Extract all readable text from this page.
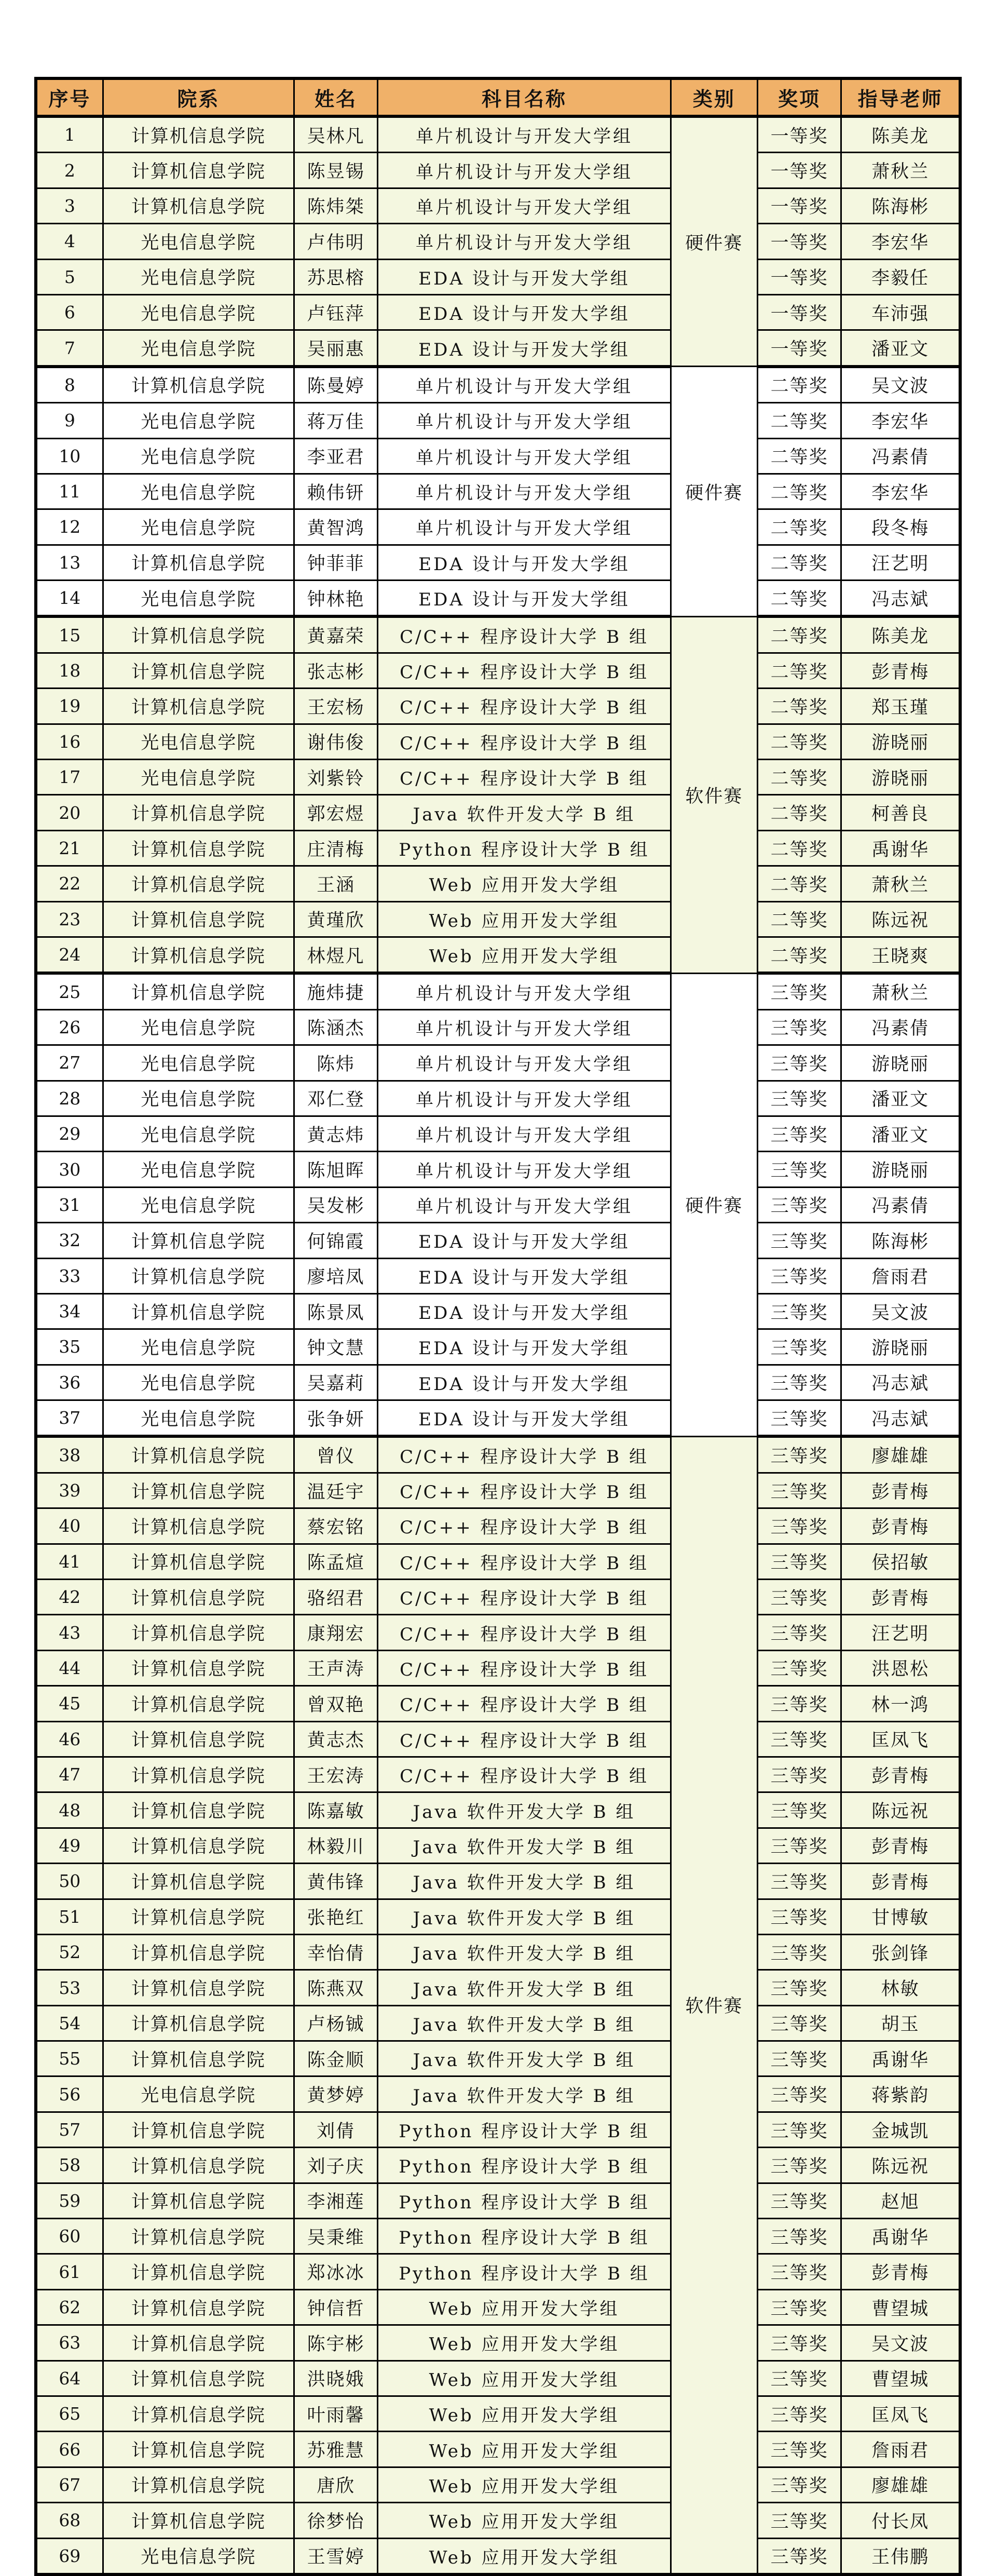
序号	院系	姓名	科目名称	类别	奖项	指导老师
1	计算机信息学院	吴林凡	单片机设计与开发大学组	硬件赛	一等奖	陈美龙
2	计算机信息学院	陈昱锡	单片机设计与开发大学组		一等奖	萧秋兰
3	计算机信息学院	陈炜桀	单片机设计与开发大学组		一等奖	陈海彬
4	光电信息学院	卢伟明	单片机设计与开发大学组		一等奖	李宏华
5	光电信息学院	苏思榕	EDA 设计与开发大学组		一等奖	李毅任
6	光电信息学院	卢钰萍	EDA 设计与开发大学组		一等奖	车沛强
7	光电信息学院	吴丽惠	EDA 设计与开发大学组		一等奖	潘亚文
8	计算机信息学院	陈曼婷	单片机设计与开发大学组	硬件赛	二等奖	吴文波
9	光电信息学院	蒋万佳	单片机设计与开发大学组		二等奖	李宏华
10	光电信息学院	李亚君	单片机设计与开发大学组		二等奖	冯素倩
11	光电信息学院	赖伟钘	单片机设计与开发大学组		二等奖	李宏华
12	光电信息学院	黄智鸿	单片机设计与开发大学组		二等奖	段冬梅
13	计算机信息学院	钟菲菲	EDA 设计与开发大学组		二等奖	汪艺明
14	光电信息学院	钟林艳	EDA 设计与开发大学组		二等奖	冯志斌
15	计算机信息学院	黄嘉荣	C/C++ 程序设计大学 B 组	软件赛	二等奖	陈美龙
18	计算机信息学院	张志彬	C/C++ 程序设计大学 B 组		二等奖	彭青梅
19	计算机信息学院	王宏杨	C/C++ 程序设计大学 B 组		二等奖	郑玉瑾
16	光电信息学院	谢伟俊	C/C++ 程序设计大学 B 组		二等奖	游晓丽
17	光电信息学院	刘紫铃	C/C++ 程序设计大学 B 组		二等奖	游晓丽
20	计算机信息学院	郭宏煜	Java 软件开发大学 B 组		二等奖	柯善良
21	计算机信息学院	庄清梅	Python 程序设计大学 B 组		二等奖	禹谢华
22	计算机信息学院	王涵	Web 应用开发大学组		二等奖	萧秋兰
23	计算机信息学院	黄瑾欣	Web 应用开发大学组		二等奖	陈远祝
24	计算机信息学院	林煜凡	Web 应用开发大学组		二等奖	王晓爽
25	计算机信息学院	施炜捷	单片机设计与开发大学组	硬件赛	三等奖	萧秋兰
26	光电信息学院	陈涵杰	单片机设计与开发大学组		三等奖	冯素倩
27	光电信息学院	陈炜	单片机设计与开发大学组		三等奖	游晓丽
28	光电信息学院	邓仁登	单片机设计与开发大学组		三等奖	潘亚文
29	光电信息学院	黄志炜	单片机设计与开发大学组		三等奖	潘亚文
30	光电信息学院	陈旭晖	单片机设计与开发大学组		三等奖	游晓丽
31	光电信息学院	吴发彬	单片机设计与开发大学组		三等奖	冯素倩
32	计算机信息学院	何锦霞	EDA 设计与开发大学组		三等奖	陈海彬
33	计算机信息学院	廖培凤	EDA 设计与开发大学组		三等奖	詹雨君
34	计算机信息学院	陈景凤	EDA 设计与开发大学组		三等奖	吴文波
35	光电信息学院	钟文慧	EDA 设计与开发大学组		三等奖	游晓丽
36	光电信息学院	吴嘉莉	EDA 设计与开发大学组		三等奖	冯志斌
37	光电信息学院	张争妍	EDA 设计与开发大学组		三等奖	冯志斌
38	计算机信息学院	曾仪	C/C++ 程序设计大学 B 组	软件赛	三等奖	廖雄雄
39	计算机信息学院	温廷宇	C/C++ 程序设计大学 B 组		三等奖	彭青梅
40	计算机信息学院	蔡宏铭	C/C++ 程序设计大学 B 组		三等奖	彭青梅
41	计算机信息学院	陈孟煊	C/C++ 程序设计大学 B 组		三等奖	侯招敏
42	计算机信息学院	骆绍君	C/C++ 程序设计大学 B 组		三等奖	彭青梅
43	计算机信息学院	康翔宏	C/C++ 程序设计大学 B 组		三等奖	汪艺明
44	计算机信息学院	王声涛	C/C++ 程序设计大学 B 组		三等奖	洪恩松
45	计算机信息学院	曾双艳	C/C++ 程序设计大学 B 组		三等奖	林一鸿
46	计算机信息学院	黄志杰	C/C++ 程序设计大学 B 组		三等奖	匡凤飞
47	计算机信息学院	王宏涛	C/C++ 程序设计大学 B 组		三等奖	彭青梅
48	计算机信息学院	陈嘉敏	Java 软件开发大学 B 组		三等奖	陈远祝
49	计算机信息学院	林毅川	Java 软件开发大学 B 组		三等奖	彭青梅
50	计算机信息学院	黄伟锋	Java 软件开发大学 B 组		三等奖	彭青梅
51	计算机信息学院	张艳红	Java 软件开发大学 B 组		三等奖	甘博敏
52	计算机信息学院	幸怡倩	Java 软件开发大学 B 组		三等奖	张剑锋
53	计算机信息学院	陈燕双	Java 软件开发大学 B 组		三等奖	林敏
54	计算机信息学院	卢杨铖	Java 软件开发大学 B 组		三等奖	胡玉
55	计算机信息学院	陈金顺	Java 软件开发大学 B 组		三等奖	禹谢华
56	光电信息学院	黄梦婷	Java 软件开发大学 B 组		三等奖	蒋紫韵
57	计算机信息学院	刘倩	Python 程序设计大学 B 组		三等奖	金城凯
58	计算机信息学院	刘子庆	Python 程序设计大学 B 组		三等奖	陈远祝
59	计算机信息学院	李湘莲	Python 程序设计大学 B 组		三等奖	赵旭
60	计算机信息学院	吴秉维	Python 程序设计大学 B 组		三等奖	禹谢华
61	计算机信息学院	郑冰冰	Python 程序设计大学 B 组		三等奖	彭青梅
62	计算机信息学院	钟信哲	Web 应用开发大学组		三等奖	曹望城
63	计算机信息学院	陈宇彬	Web 应用开发大学组		三等奖	吴文波
64	计算机信息学院	洪晓娥	Web 应用开发大学组		三等奖	曹望城
65	计算机信息学院	叶雨馨	Web 应用开发大学组		三等奖	匡凤飞
66	计算机信息学院	苏雅慧	Web 应用开发大学组		三等奖	詹雨君
67	计算机信息学院	唐欣	Web 应用开发大学组		三等奖	廖雄雄
68	计算机信息学院	徐梦怡	Web 应用开发大学组		三等奖	付长凤
69	光电信息学院	王雪婷	Web 应用开发大学组		三等奖	王伟鹏
